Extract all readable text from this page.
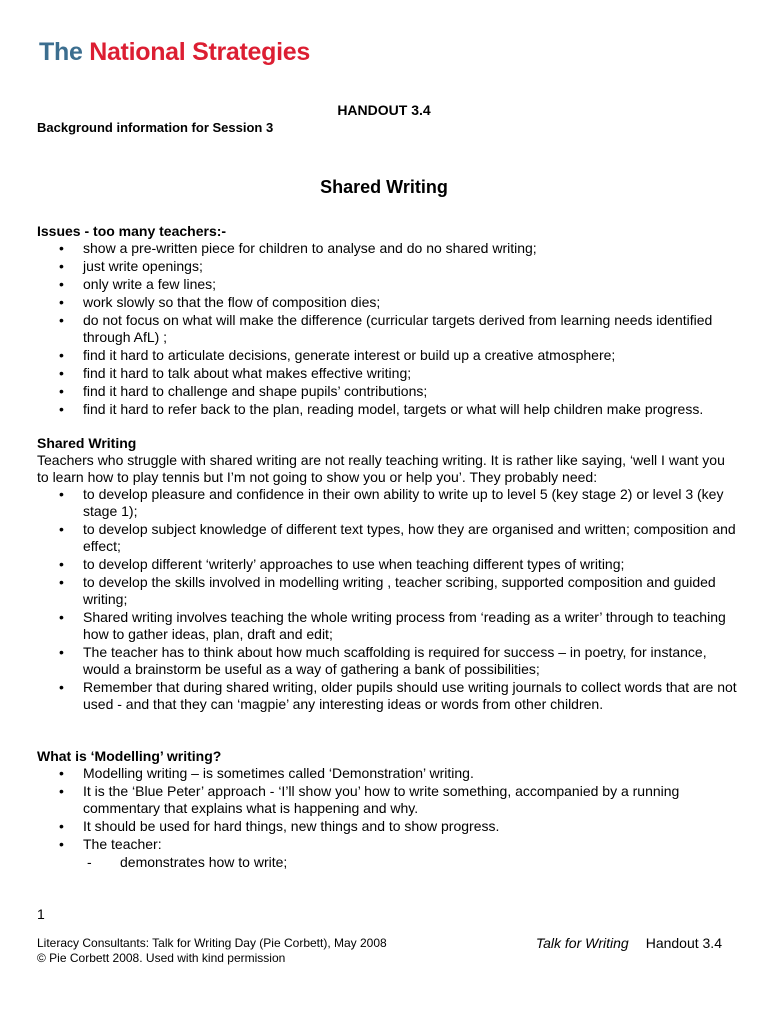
The National Strategies
HANDOUT 3.4
Background information for Session 3
Shared Writing

Issues - too many teachers:-

• show a pre-written piece for children to analyse and do no shared writing;
• just write openings;
• only write a few lines;
• work slowly so that the flow of composition dies;
• do not focus on what will make the difference (curricular targets derived from learning needs identified through AfL) ;
• find it hard to articulate decisions, generate interest or build up a creative atmosphere;
• find it hard to talk about what makes effective writing;
• find it hard to challenge and shape pupils’ contributions;
• find it hard to refer back to the plan, reading model, targets or what will help children make progress.

Shared Writing

Teachers who struggle with shared writing are not really teaching writing. It is rather like saying, ‘well I want you to learn how to play tennis but I’m not going to show you or help you’. They probably need:

• to develop pleasure and confidence in their own ability to write up to level 5 (key stage 2) or level 3 (key stage 1);
• to develop subject knowledge of different text types, how they are organised and written; composition and effect;
• to develop different ‘writerly’ approaches to use when teaching different types of writing;
• to develop the skills involved in modelling writing , teacher scribing, supported composition and guided writing;
• Shared writing involves teaching the whole writing process from ‘reading as a writer’ through to teaching how to gather ideas, plan, draft and edit;
• The teacher has to think about how much scaffolding is required for success – in poetry, for instance, would a brainstorm be useful as a way of gathering a bank of possibilities;
• Remember that during shared writing, older pupils should use writing journals to collect words that are not used - and that they can ‘magpie’ any interesting ideas or words from other children.

What is ‘Modelling’ writing?

• Modelling writing – is sometimes called ‘Demonstration’ writing.
• It is the ‘Blue Peter’ approach - ‘I’ll show you’ how to write something, accompanied by a running commentary that explains what is happening and why.
• It should be used for hard things, new things and to show progress.
• The teacher:
- demonstrates how to write;
1
Literacy Consultants: Talk for Writing Day (Pie Corbett), May 2008
© Pie Corbett 2008. Used with kind permission
Talk for Writing Handout 3.4
